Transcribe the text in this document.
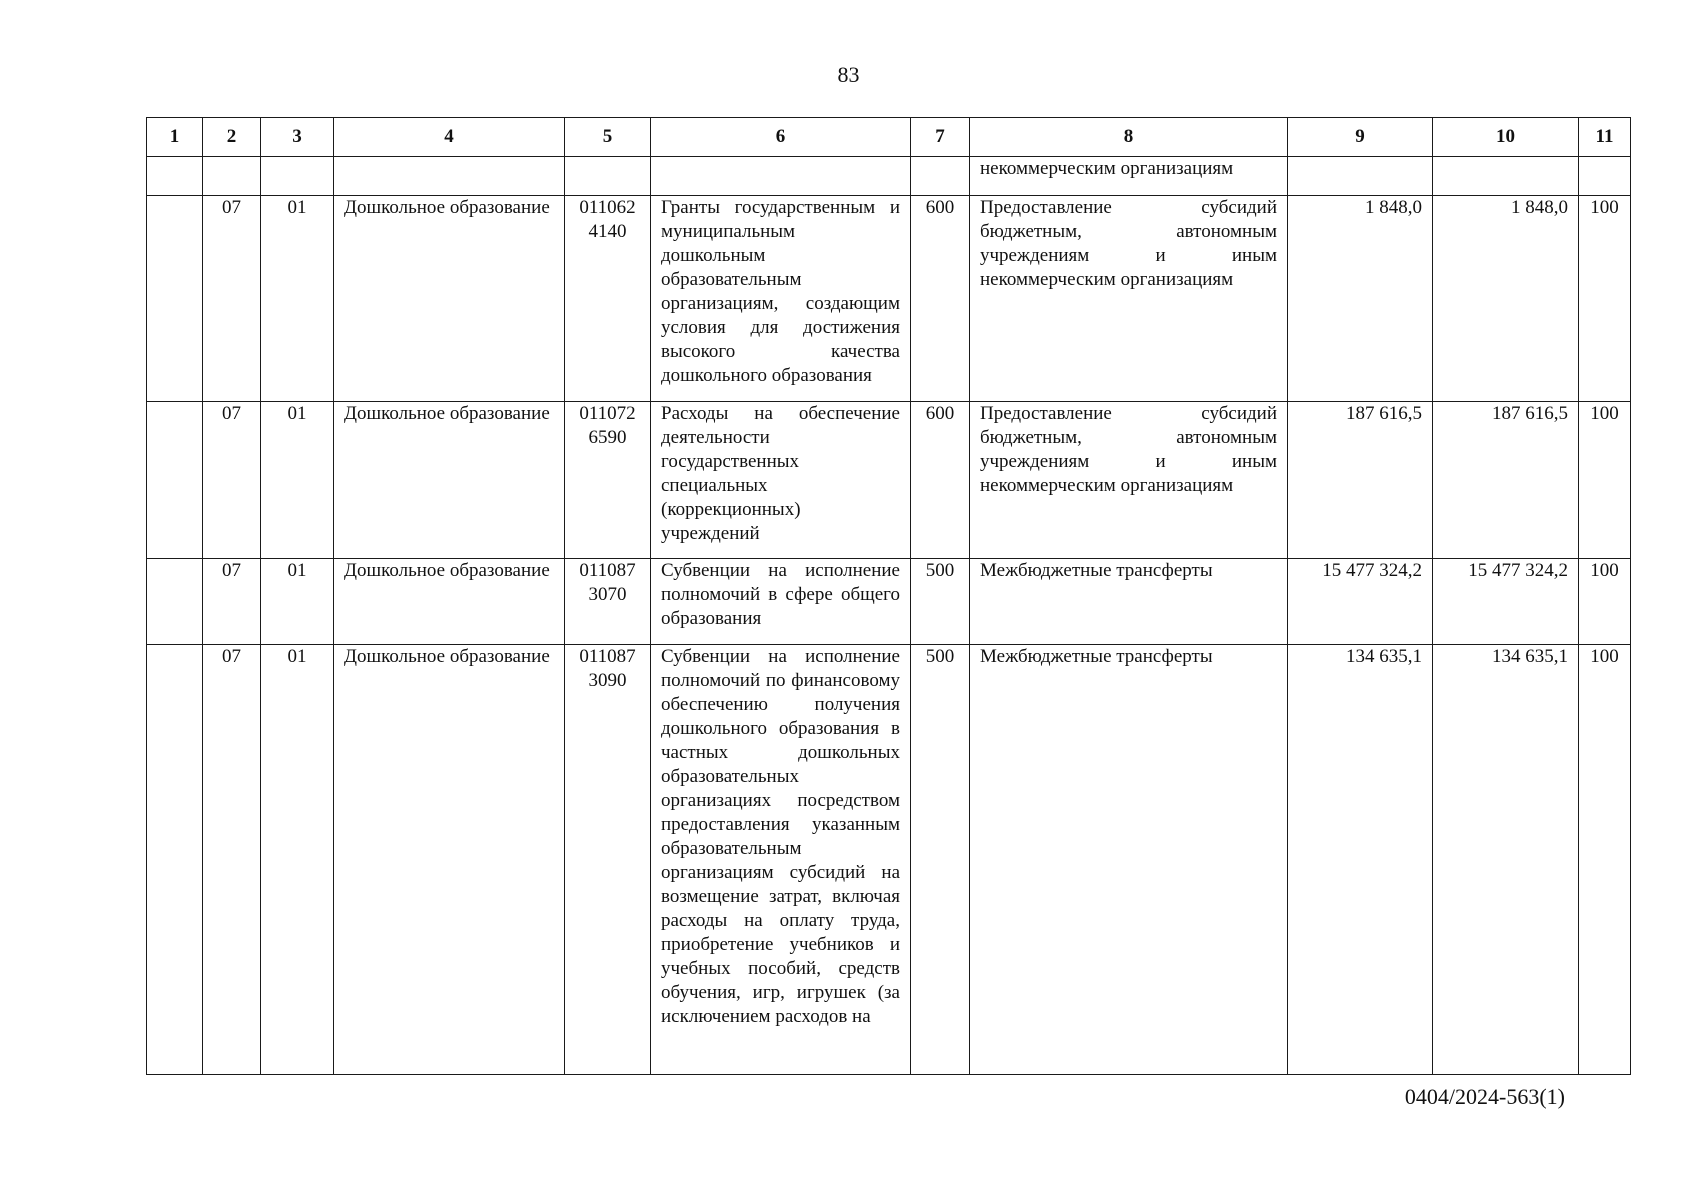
83
1	2	3	4	5	6	7	8	9	10	11
							некоммерческим организациям			
	07	01	Дошкольное образование	011062 4140	Гранты государственным и муниципальным дошкольным образовательным организациям, создающим условия для достижения высокого качества дошкольного образования	600	Предоставление субсидий бюджетным, автономным учреждениям и иным некоммерческим организациям	1 848,0	1 848,0	100
	07	01	Дошкольное образование	011072 6590	Расходы на обеспечение деятельности государственных специальных (коррекционных) учреждений	600	Предоставление субсидий бюджетным, автономным учреждениям и иным некоммерческим организациям	187 616,5	187 616,5	100
	07	01	Дошкольное образование	011087 3070	Субвенции на исполнение полномочий в сфере общего образования	500	Межбюджетные трансферты	15 477 324,2	15 477 324,2	100
	07	01	Дошкольное образование	011087 3090	Субвенции на исполнение полномочий по финансовому обеспечению получения дошкольного образования в частных дошкольных образовательных организациях посредством предоставления указанным образовательным организациям субсидий на возмещение затрат, включая расходы на оплату труда, приобретение учебников и учебных пособий, средств обучения, игр, игрушек (за исключением расходов на	500	Межбюджетные трансферты	134 635,1	134 635,1	100
0404/2024-563(1)
